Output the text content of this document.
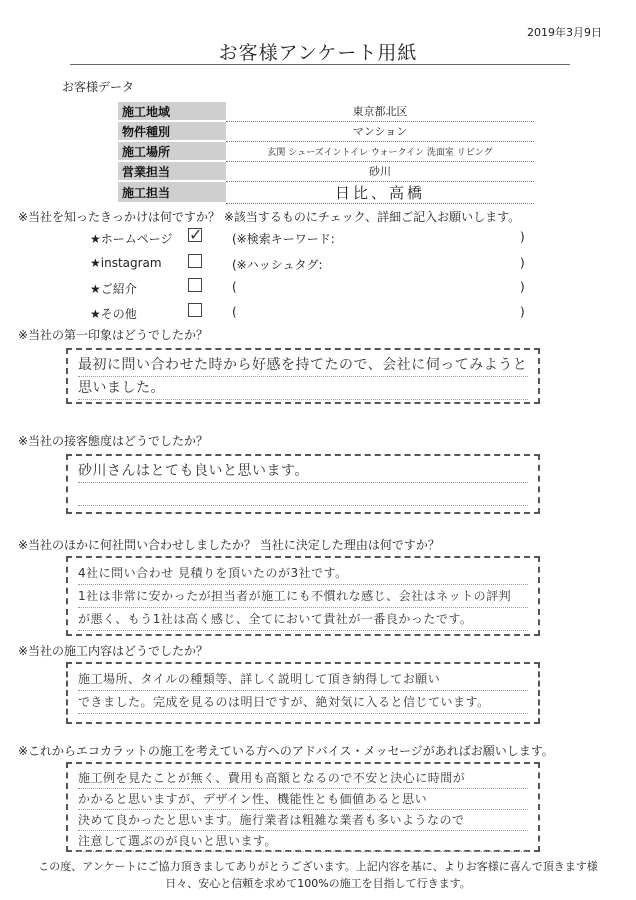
2019年3月9日
お客様アンケート用紙
お客様データ
施工地域	東京都北区
物件種別	マンション
施工場所	玄関 シューズイントイレ ウォークイン 洗面室 リビング
営業担当	砂川
施工担当	日比、高橋
※当社を知ったきっかけは何ですか？ ※該当するものにチェック、詳細ご記入お願いします。
★ホームページ	✓ (※検索キーワード:	)
★instagram	(※ハッシュタグ:	)
★ご紹介	(	)
★その他	(	)
※当社の第一印象はどうでしたか？
最初に問い合わせた時から好感を持てたので、会社に伺ってみようと
思いました。
※当社の接客態度はどうでしたか？
砂川さんはとても良いと思います。

※当社のほかに何社問い合わせしましたか？ 当社に決定した理由は何ですか？
4社に問い合わせ 見積りを頂いたのが3社です。
1社は非常に安かったが担当者が施工にも不慣れな感じ、会社はネットの評判
が悪く、もう1社は高く感じ、全てにおいて貴社が一番良かったです。
※当社の施工内容はどうでしたか？
施工場所、タイルの種類等、詳しく説明して頂き納得してお願い
できました。完成を見るのは明日ですが、絶対気に入ると信じています。
※これからエコカラットの施工を考えている方へのアドバイス・メッセージがあればお願いします。
施工例を見たことが無く、費用も高額となるので不安と決心に時間が
かかると思いますが、デザイン性、機能性とも価値あると思い
決めて良かったと思います。施行業者は粗雑な業者も多いようなので
注意して選ぶのが良いと思います。
この度、アンケートにご協力頂きましてありがとうございます。上記内容を基に、よりお客様に喜んで頂きます様
日々、安心と信頼を求めて100%の施工を目指して行きます。
